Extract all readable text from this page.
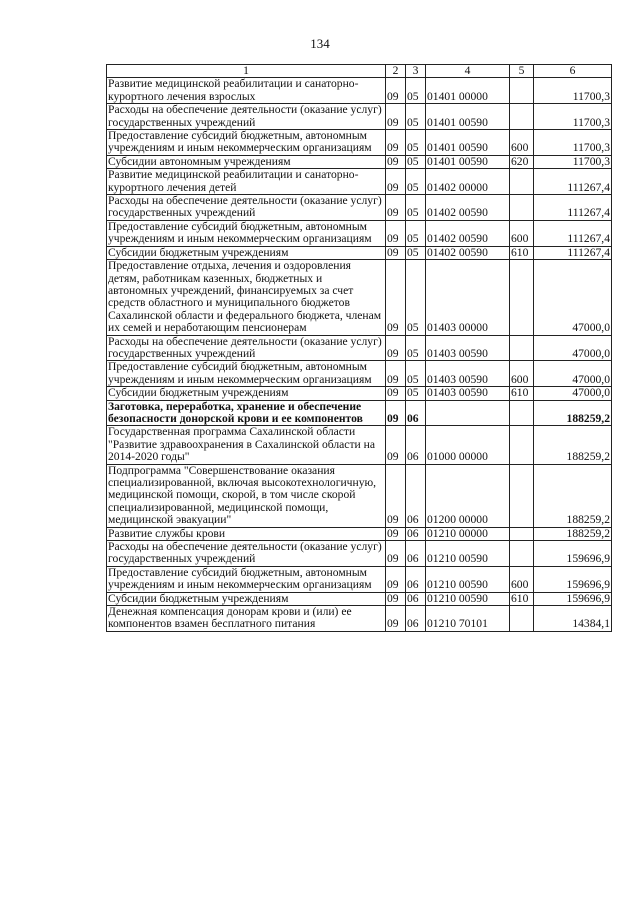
134
1	2	3	4	5	6
Развитие медицинской реабилитации и санаторно-курортного лечения взрослых	09	05	01401 00000		11700,3
Расходы на обеспечение деятельности (оказание услуг) государственных учреждений	09	05	01401 00590		11700,3
Предоставление субсидий бюджетным, автономным учреждениям и иным некоммерческим организациям	09	05	01401 00590	600	11700,3
Субсидии автономным учреждениям	09	05	01401 00590	620	11700,3
Развитие медицинской реабилитации и санаторно-курортного лечения детей	09	05	01402 00000		111267,4
Расходы на обеспечение деятельности (оказание услуг) государственных учреждений	09	05	01402 00590		111267,4
Предоставление субсидий бюджетным, автономным учреждениям и иным некоммерческим организациям	09	05	01402 00590	600	111267,4
Субсидии бюджетным учреждениям	09	05	01402 00590	610	111267,4
Предоставление отдыха, лечения и оздоровления детям, работникам казенных, бюджетных и автономных учреждений, финансируемых за счет средств областного и муниципального бюджетов Сахалинской области и федерального бюджета, членам их семей и неработающим пенсионерам	09	05	01403 00000		47000,0
Расходы на обеспечение деятельности (оказание услуг) государственных учреждений	09	05	01403 00590		47000,0
Предоставление субсидий бюджетным, автономным учреждениям и иным некоммерческим организациям	09	05	01403 00590	600	47000,0
Субсидии бюджетным учреждениям	09	05	01403 00590	610	47000,0
Заготовка, переработка, хранение и обеспечение безопасности донорской крови и ее компонентов	09	06			188259,2
Государственная программа Сахалинской области "Развитие здравоохранения в Сахалинской области на 2014-2020 годы"	09	06	01000 00000		188259,2
Подпрограмма "Совершенствование оказания специализированной, включая высокотехнологичную, медицинской помощи, скорой, в том числе скорой специализированной, медицинской помощи, медицинской эвакуации"	09	06	01200 00000		188259,2
Развитие службы крови	09	06	01210 00000		188259,2
Расходы на обеспечение деятельности (оказание услуг) государственных учреждений	09	06	01210 00590		159696,9
Предоставление субсидий бюджетным, автономным учреждениям и иным некоммерческим организациям	09	06	01210 00590	600	159696,9
Субсидии бюджетным учреждениям	09	06	01210 00590	610	159696,9
Денежная компенсация донорам крови и (или) ее компонентов взамен бесплатного питания	09	06	01210 70101		14384,1
